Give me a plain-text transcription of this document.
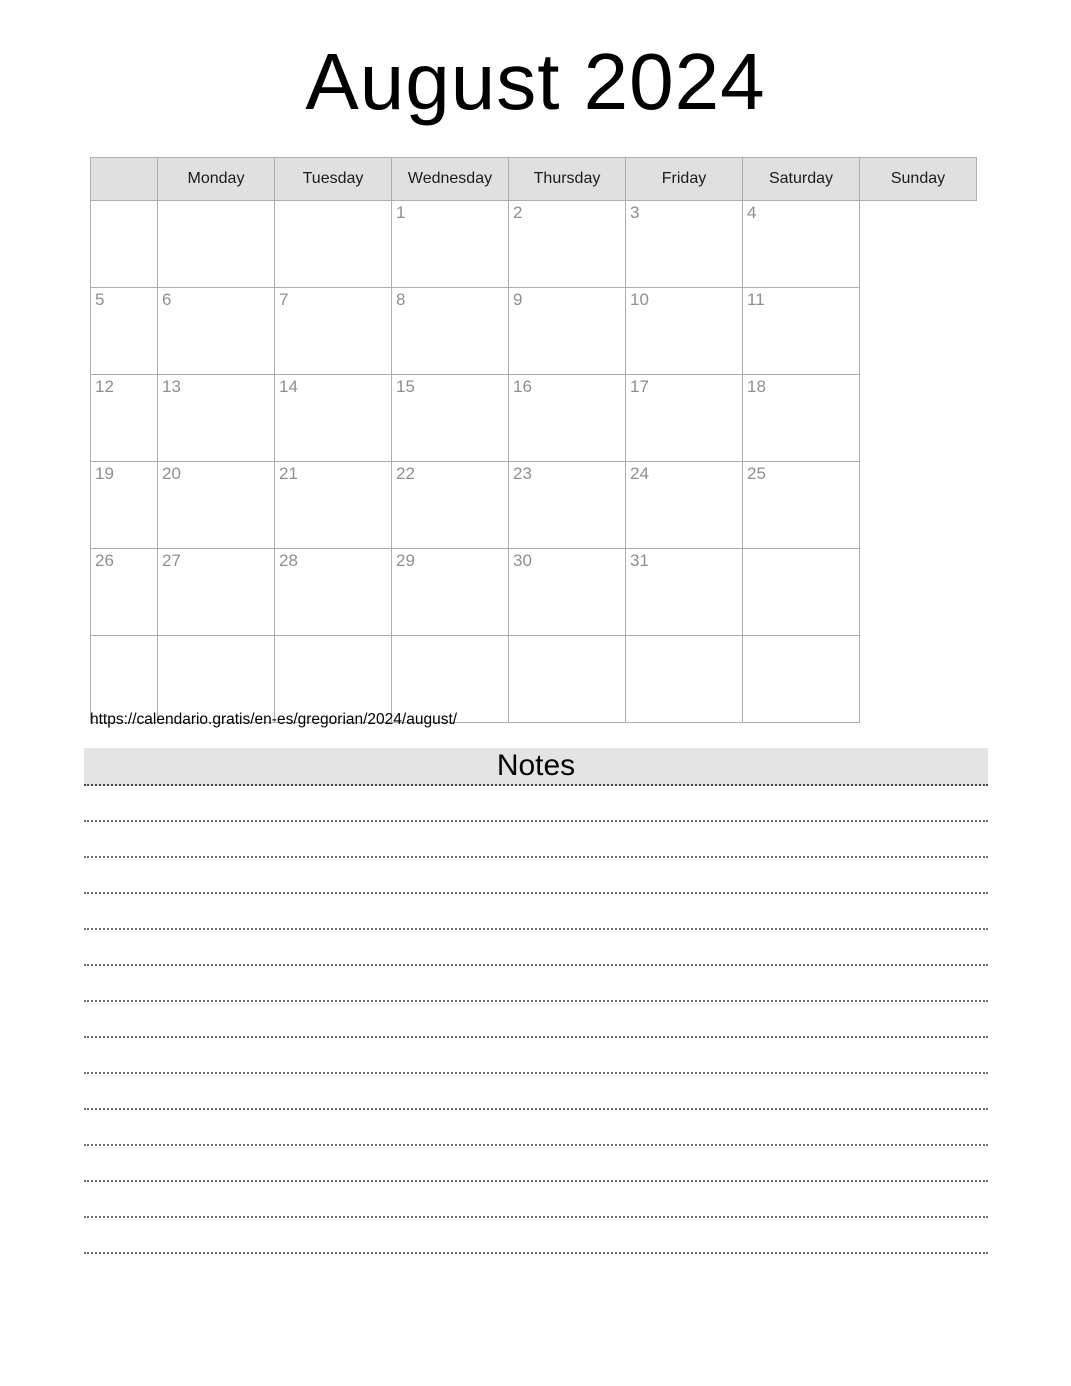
August 2024
	Monday	Tuesday	Wednesday	Thursday	Friday	Saturday	Sunday
			1	2	3	4	
5	6	7	8	9	10	11	
12	13	14	15	16	17	18	
19	20	21	22	23	24	25	
26	27	28	29	30	31		

https://calendario.gratis/en-es/gregorian/2024/august/
Notes
